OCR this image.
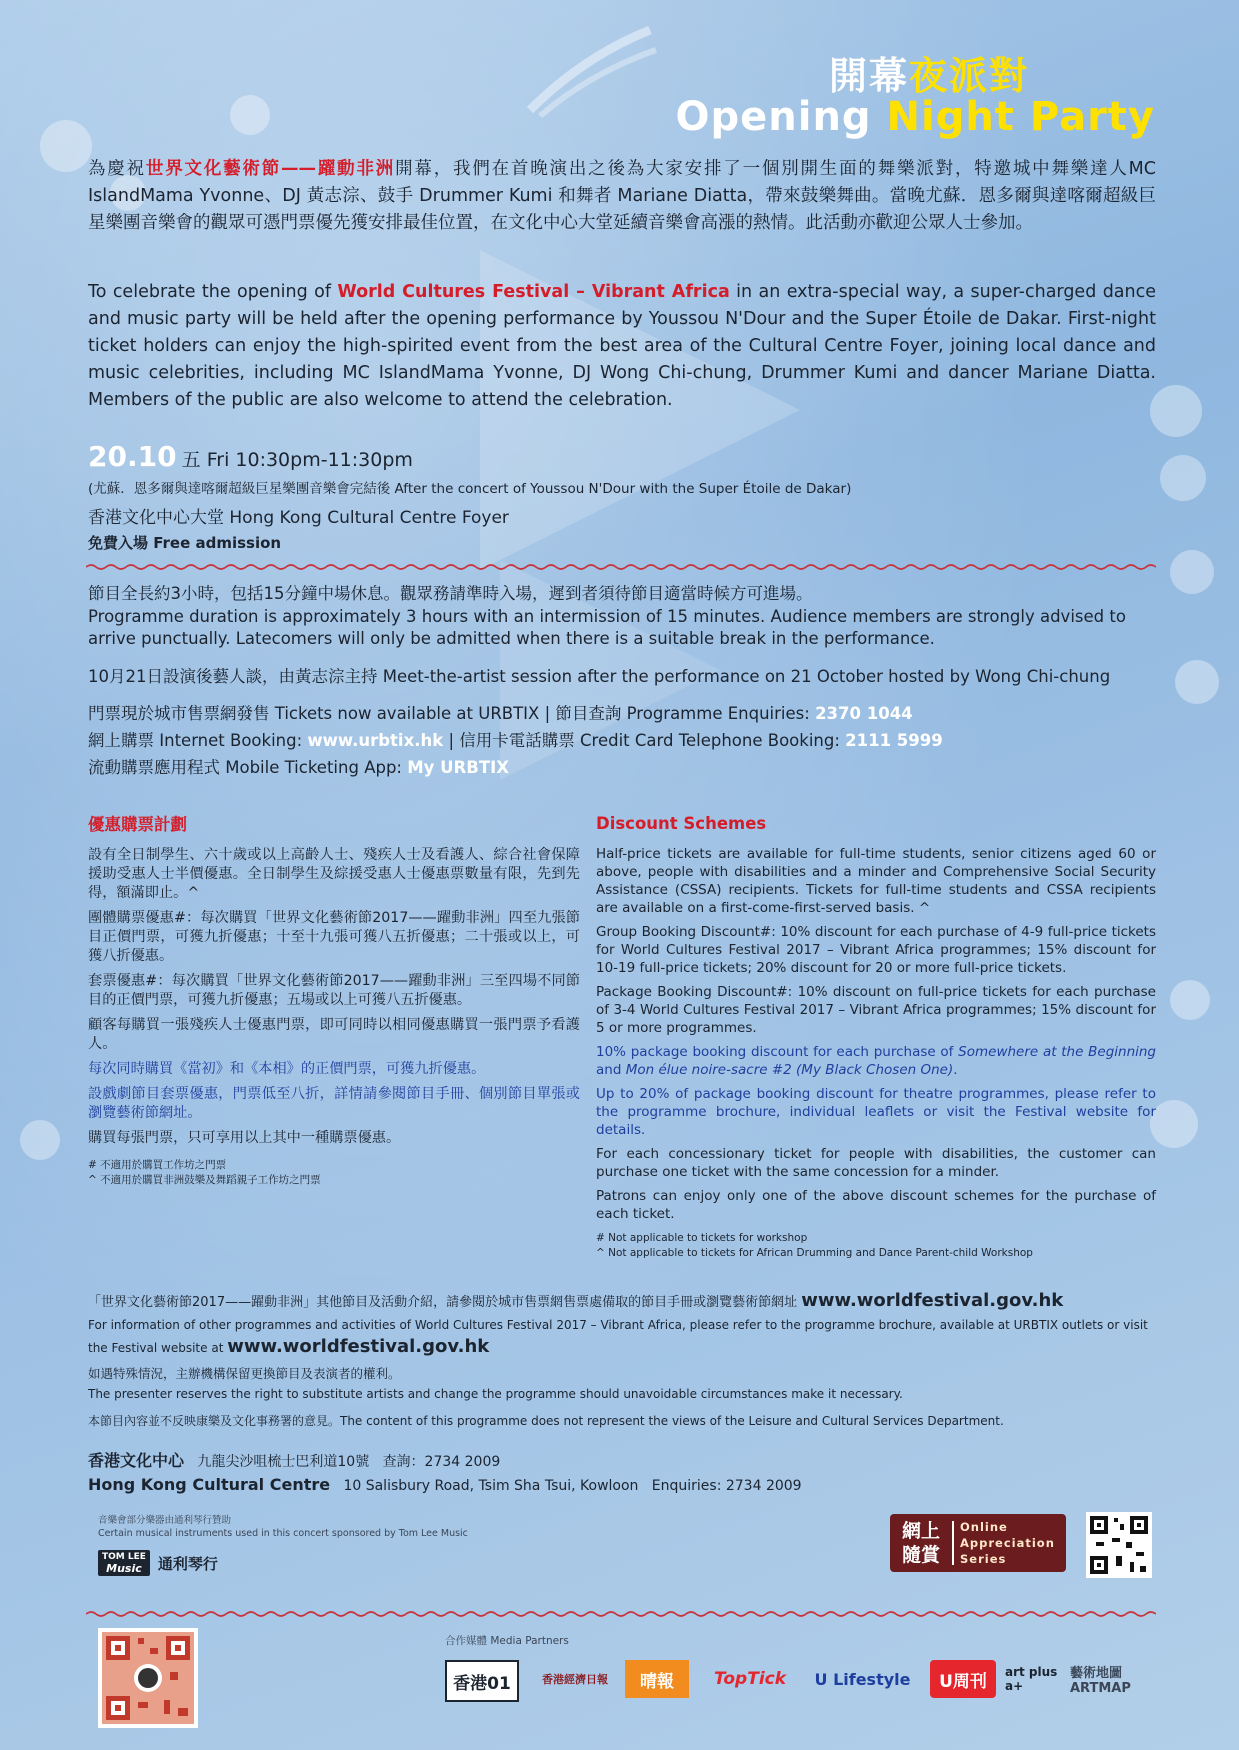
開幕夜派對
Opening Night Party
為慶祝世界文化藝術節——躍動非洲開幕，我們在首晚演出之後為大家安排了一個別開生面的舞樂派對，特邀城中舞樂達人MC IslandMama Yvonne、DJ 黃志淙、鼓手 Drummer Kumi 和舞者 Mariane Diatta，帶來鼓樂舞曲。當晚尤蘇．恩多爾與達喀爾超級巨星樂團音樂會的觀眾可憑門票優先獲安排最佳位置，在文化中心大堂延續音樂會高漲的熱情。此活動亦歡迎公眾人士參加。
To celebrate the opening of World Cultures Festival – Vibrant Africa in an extra-special way, a super-charged dance and music party will be held after the opening performance by Youssou N'Dour and the Super Étoile de Dakar. First-night ticket holders can enjoy the high-spirited event from the best area of the Cultural Centre Foyer, joining local dance and music celebrities, including MC IslandMama Yvonne, DJ Wong Chi-chung, Drummer Kumi and dancer Mariane Diatta. Members of the public are also welcome to attend the celebration.
20.10 五 Fri 10:30pm-11:30pm
(尤蘇．恩多爾與達喀爾超級巨星樂團音樂會完結後 After the concert of Youssou N'Dour with the Super Étoile de Dakar)
香港文化中心大堂 Hong Kong Cultural Centre Foyer
免費入場 Free admission
節目全長約3小時，包括15分鐘中場休息。觀眾務請準時入場，遲到者須待節目適當時候方可進場。
Programme duration is approximately 3 hours with an intermission of 15 minutes. Audience members are strongly advised to arrive punctually. Latecomers will only be admitted when there is a suitable break in the performance.
10月21日設演後藝人談，由黃志淙主持 Meet-the-artist session after the performance on 21 October hosted by Wong Chi-chung
門票現於城市售票網發售 Tickets now available at URBTIX | 節目查詢 Programme Enquiries: 2370 1044
網上購票 Internet Booking: www.urbtix.hk | 信用卡電話購票 Credit Card Telephone Booking: 2111 5999
流動購票應用程式 Mobile Ticketing App: My URBTIX
優惠購票計劃

設有全日制學生、六十歲或以上高齡人士、殘疾人士及看護人、綜合社會保障援助受惠人士半價優惠。全日制學生及綜援受惠人士優惠票數量有限，先到先得，額滿即止。^

團體購票優惠#：每次購買「世界文化藝術節2017——躍動非洲」四至九張節目正價門票，可獲九折優惠；十至十九張可獲八五折優惠；二十張或以上，可獲八折優惠。

套票優惠#：每次購買「世界文化藝術節2017——躍動非洲」三至四場不同節目的正價門票，可獲九折優惠；五場或以上可獲八五折優惠。

顧客每購買一張殘疾人士優惠門票，即可同時以相同優惠購買一張門票予看護人。

每次同時購買《當初》和《本相》的正價門票，可獲九折優惠。

設戲劇節目套票優惠，門票低至八折，詳情請參閱節目手冊、個別節目單張或瀏覽藝術節網址。

購買每張門票，只可享用以上其中一種購票優惠。

# 不適用於購買工作坊之門票

^ 不適用於購買非洲鼓樂及舞蹈親子工作坊之門票

Discount Schemes

Half-price tickets are available for full-time students, senior citizens aged 60 or above, people with disabilities and a minder and Comprehensive Social Security Assistance (CSSA) recipients. Tickets for full-time students and CSSA recipients are available on a first-come-first-served basis. ^

Group Booking Discount#: 10% discount for each purchase of 4-9 full-price tickets for World Cultures Festival 2017 – Vibrant Africa programmes; 15% discount for 10-19 full-price tickets; 20% discount for 20 or more full-price tickets.

Package Booking Discount#: 10% discount on full-price tickets for each purchase of 3-4 World Cultures Festival 2017 – Vibrant Africa programmes; 15% discount for 5 or more programmes.

10% package booking discount for each purchase of Somewhere at the Beginning and Mon élue noire-sacre #2 (My Black Chosen One).

Up to 20% of package booking discount for theatre programmes, please refer to the programme brochure, individual leaflets or visit the Festival website for details.

For each concessionary ticket for people with disabilities, the customer can purchase one ticket with the same concession for a minder.

Patrons can enjoy only one of the above discount schemes for the purchase of each ticket.

# Not applicable to tickets for workshop

^ Not applicable to tickets for African Drumming and Dance Parent-child Workshop

「世界文化藝術節2017——躍動非洲」其他節目及活動介紹，請參閱於城市售票網售票處備取的節目手冊或瀏覽藝術節網址 www.worldfestival.gov.hk
For information of other programmes and activities of World Cultures Festival 2017 – Vibrant Africa, please refer to the programme brochure, available at URBTIX outlets or visit the Festival website at www.worldfestival.gov.hk
如遇特殊情況，主辦機構保留更換節目及表演者的權利。
The presenter reserves the right to substitute artists and change the programme should unavoidable circumstances make it necessary.
本節目內容並不反映康樂及文化事務署的意見。The content of this programme does not represent the views of the Leisure and Cultural Services Department.
香港文化中心 九龍尖沙咀梳士巴利道10號 查詢：2734 2009
Hong Kong Cultural Centre 10 Salisbury Road, Tsim Sha Tsui, Kowloon Enquiries: 2734 2009
音樂會部分樂器由通利琴行贊助
Certain musical instruments used in this concert sponsored by Tom Lee Music
TOM LEE
Music 通利琴行
網上
隨賞
Online
Appreciation
Series
合作媒體 Media Partners
香港01	香港經濟日報	晴報	TopTick	U Lifestyle	U周刊	art plus a+
藝術地圖 ARTMAP
